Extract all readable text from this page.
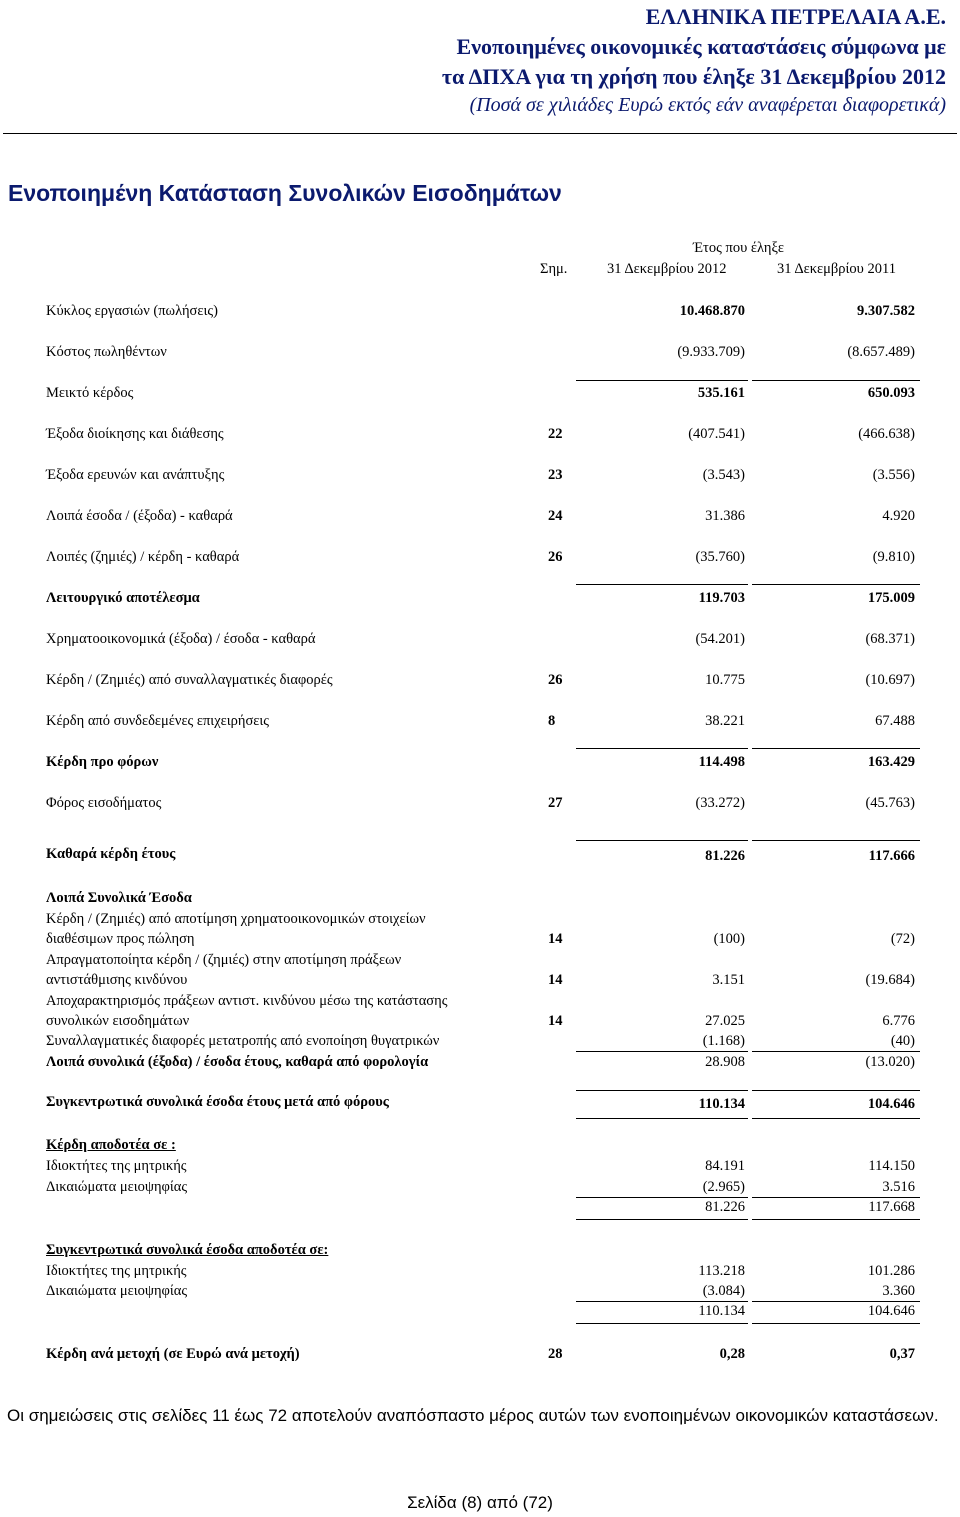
ΕΛΛΗΝΙΚΑ ΠΕΤΡΕΛΑΙΑ Α.Ε.
Ενοποιημένες οικονομικές καταστάσεις σύμφωνα με
τα ΔΠΧΑ για τη χρήση που έληξε 31 Δεκεμβρίου 2012
(Ποσά σε χιλιάδες Ευρώ εκτός εάν αναφέρεται διαφορετικά)
Ενοποιημένη Κατάσταση Συνολικών Εισοδημάτων
Έτος που έληξε
Σημ.	31 Δεκεμβρίου 2012	31 Δεκεμβρίου 2011
Κύκλος εργασιών (πωλήσεις)	10.468.870	9.307.582
Κόστος πωληθέντων	(9.933.709)	(8.657.489)
Μεικτό κέρδος	535.161	650.093
Έξοδα διοίκησης και διάθεσης	22	(407.541)	(466.638)
Έξοδα ερευνών και ανάπτυξης	23	(3.543)	(3.556)
Λοιπά έσοδα / (έξοδα) - καθαρά	24	31.386	4.920
Λοιπές (ζημιές) / κέρδη - καθαρά	26	(35.760)	(9.810)
Λειτουργικό αποτέλεσμα	119.703	175.009
Χρηματοοικονομικά (έξοδα) / έσοδα - καθαρά	(54.201)	(68.371)
Κέρδη / (Ζημιές) από συναλλαγματικές διαφορές	26	10.775	(10.697)
Κέρδη από συνδεδεμένες επιχειρήσεις	8	38.221	67.488
Κέρδη προ φόρων	114.498	163.429
Φόρος εισοδήματος	27	(33.272)	(45.763)
Καθαρά κέρδη έτους	81.226	117.666
Λοιπά Συνολικά Έσοδα
Κέρδη / (Ζημιές) από αποτίμηση χρηματοοικονομικών στοιχείων
διαθέσιμων προς πώληση	14	(100)	(72)
Απραγματοποίητα κέρδη / (ζημιές) στην αποτίμηση πράξεων
αντιστάθμισης κινδύνου	14	3.151	(19.684)
Αποχαρακτηρισμός πράξεων αντιστ. κινδύνου μέσω της κατάστασης
συνολικών εισοδημάτων	14	27.025	6.776
Συναλλαγματικές διαφορές μετατροπής από ενοποίηση θυγατρικών	(1.168)	(40)
Λοιπά συνολικά (έξοδα) / έσοδα έτους, καθαρά από φορολογία	28.908	(13.020)
Συγκεντρωτικά συνολικά έσοδα έτους μετά από φόρους	110.134	104.646
Κέρδη αποδοτέα σε :
Ιδιοκτήτες της μητρικής	84.191	114.150
Δικαιώματα μειοψηφίας	(2.965)	3.516
81.226	117.668
Συγκεντρωτικά συνολικά έσοδα αποδοτέα σε:
Ιδιοκτήτες της μητρικής	113.218	101.286
Δικαιώματα μειοψηφίας	(3.084)	3.360
110.134	104.646
Κέρδη ανά μετοχή (σε Ευρώ ανά μετοχή)	28	0,28	0,37
Οι σημειώσεις στις σελίδες 11 έως 72 αποτελούν αναπόσπαστο μέρος αυτών των ενοποιημένων οικονομικών καταστάσεων.
Σελίδα (8) από (72)
